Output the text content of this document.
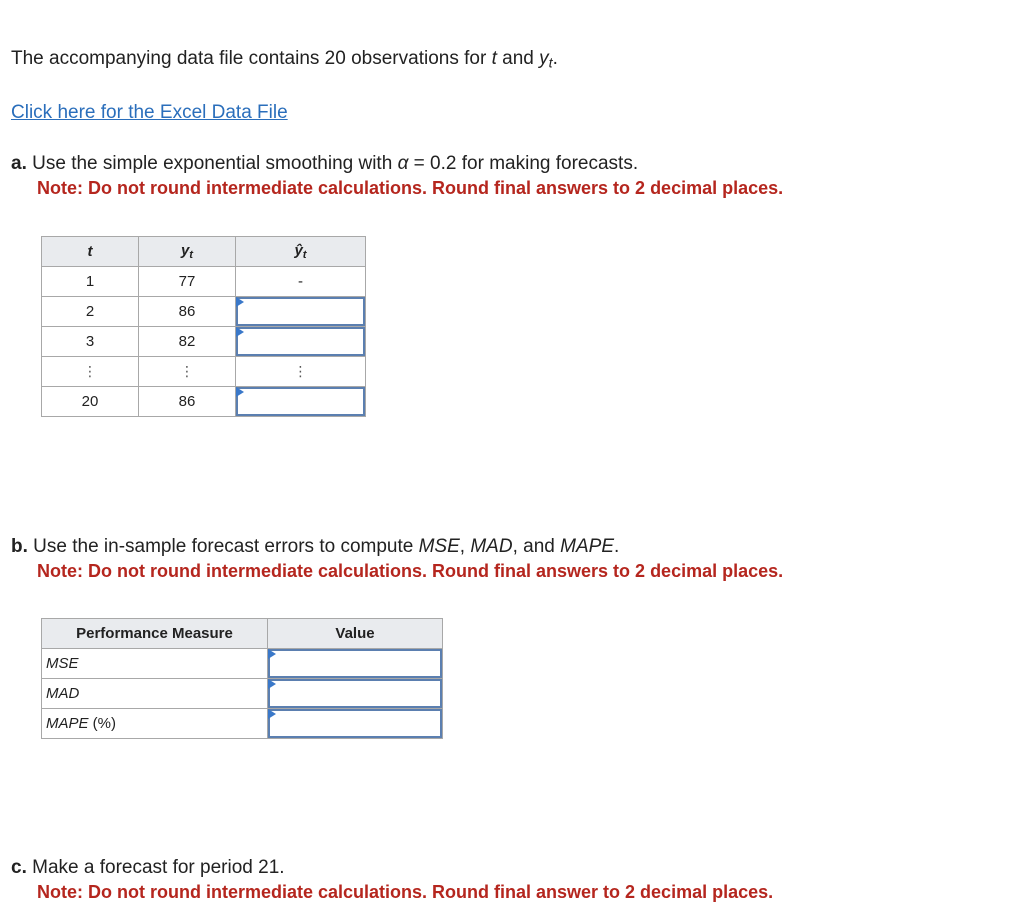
The accompanying data file contains 20 observations for t and $y_t$.
Click here for the Excel Data File
a. Use the simple exponential smoothing with α = 0.2 for making forecasts.
Note: Do not round intermediate calculations. Round final answers to 2 decimal places.
t	$y_t$	$ŷ_t$
1	77	-
2	86	

3	82	

⋮	⋮	⋮
20	86	
b. Use the in-sample forecast errors to compute MSE, MAD, and MAPE.
Note: Do not round intermediate calculations. Round final answers to 2 decimal places.
Performance Measure	Value
MSE	

MAD	

MAPE (%)	
c. Make a forecast for period 21.
Note: Do not round intermediate calculations. Round final answer to 2 decimal places.
